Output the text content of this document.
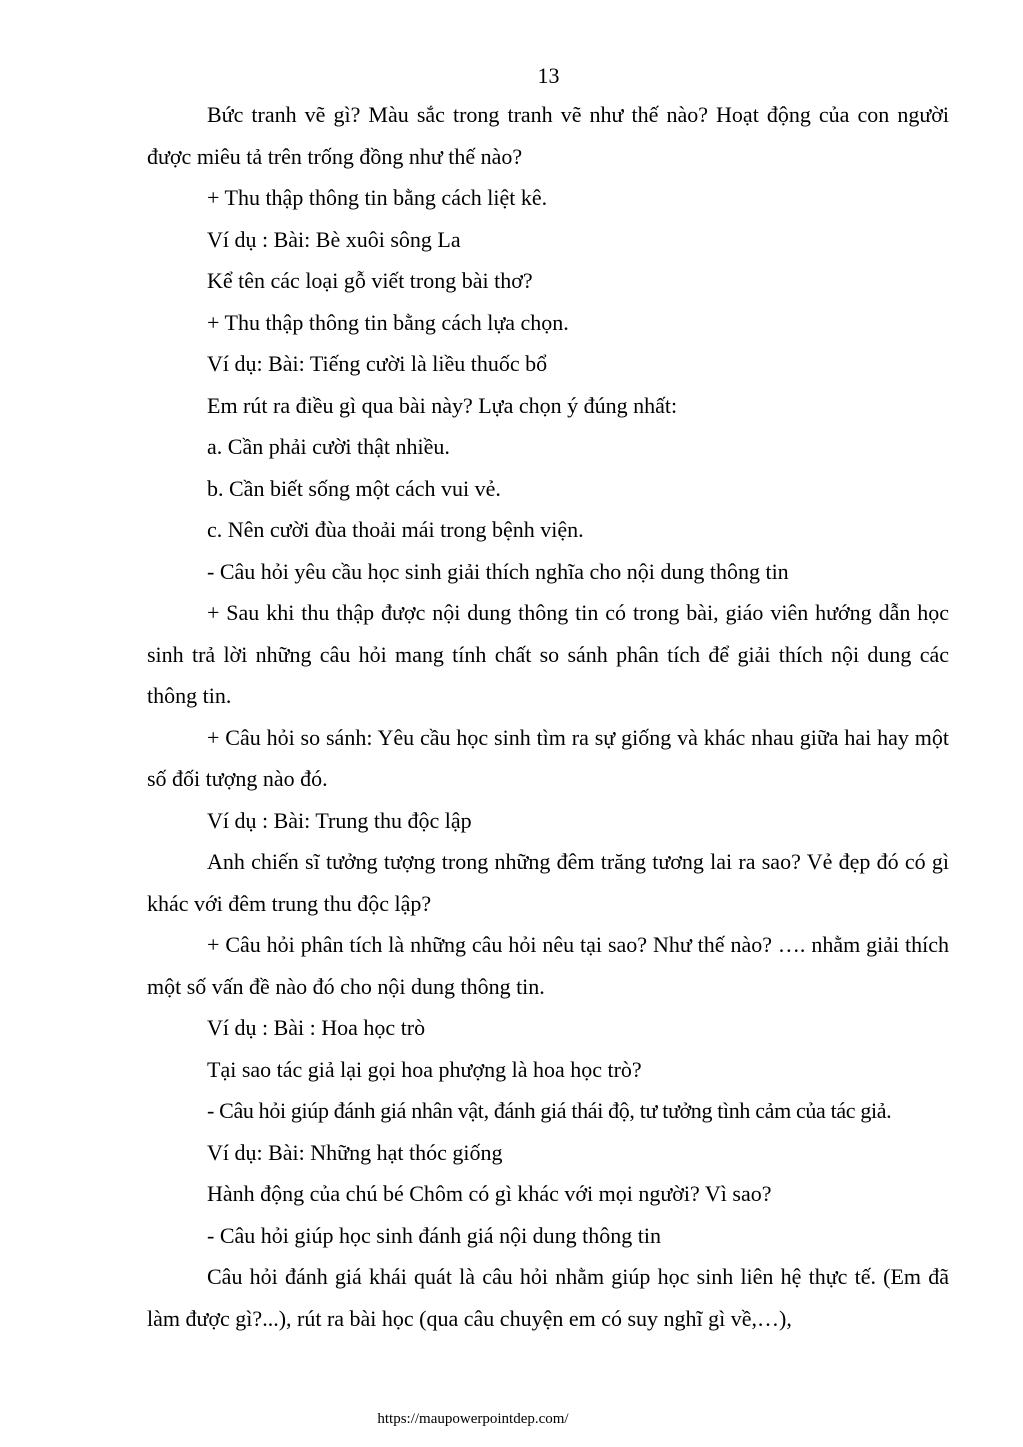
13

Bức tranh vẽ gì? Màu sắc trong tranh vẽ như thế nào? Hoạt động của con người được miêu tả trên trống đồng như thế nào?

+ Thu thập thông tin bằng cách liệt kê.

Ví dụ : Bài: Bè xuôi sông La

Kể tên các loại gỗ viết trong bài thơ?

+ Thu thập thông tin bằng cách lựa chọn.

Ví dụ: Bài: Tiếng cười là liều thuốc bổ

Em rút ra điều gì qua bài này? Lựa chọn ý đúng nhất:

a. Cần phải cười thật nhiều.

b. Cần biết sống một cách vui vẻ.

c. Nên cười đùa thoải mái trong bệnh viện.

- Câu hỏi yêu cầu học sinh giải thích nghĩa cho nội dung thông tin

+ Sau khi thu thập được nội dung thông tin có trong bài, giáo viên hướng dẫn học sinh trả lời những câu hỏi mang tính chất so sánh phân tích để giải thích nội dung các thông tin.

+ Câu hỏi so sánh: Yêu cầu học sinh tìm ra sự giống và khác nhau giữa hai hay một số đối tượng nào đó.

Ví dụ : Bài: Trung thu độc lập

Anh chiến sĩ tưởng tượng trong những đêm trăng tương lai ra sao? Vẻ đẹp đó có gì khác với đêm trung thu độc lập?

+ Câu hỏi phân tích là những câu hỏi nêu tại sao? Như thế nào? …. nhằm giải thích một số vấn đề nào đó cho nội dung thông tin.

Ví dụ : Bài : Hoa học trò

Tại sao tác giả lại gọi hoa phượng là hoa học trò?

- Câu hỏi giúp đánh giá nhân vật, đánh giá thái độ, tư tưởng tình cảm của tác giả.

Ví dụ: Bài: Những hạt thóc giống

Hành động của chú bé Chôm có gì khác với mọi người? Vì sao?

- Câu hỏi giúp học sinh đánh giá nội dung thông tin

Câu hỏi đánh giá khái quát là câu hỏi nhằm giúp học sinh liên hệ thực tế. (Em đã làm được gì?...), rút ra bài học (qua câu chuyện em có suy nghĩ gì về,…),

https://maupowerpointdep.com/
